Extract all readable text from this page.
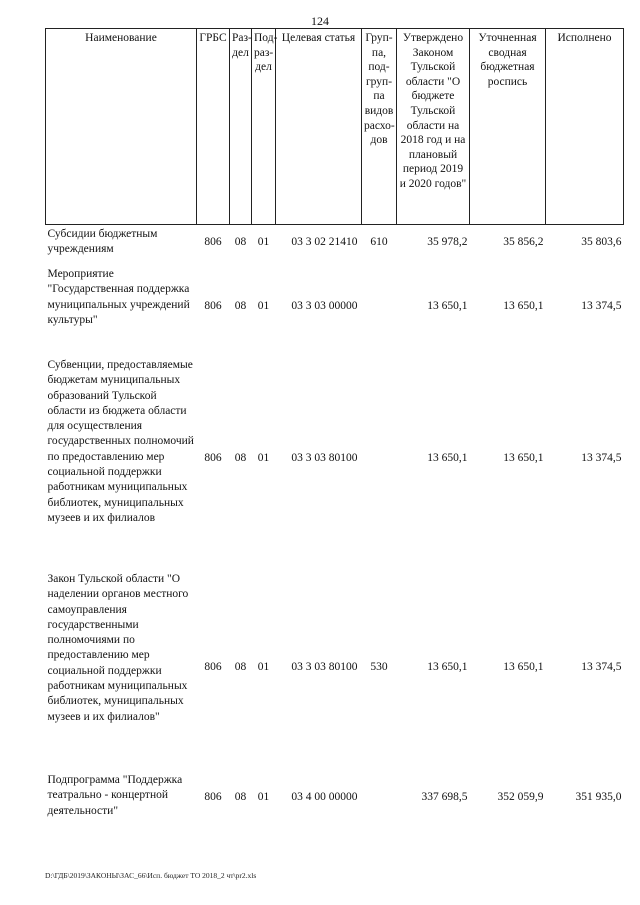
124
Наименование	ГРБС	Раз-дел	Под-раз-дел	Целевая статья	Груп-па, под-груп-па видов расхо-дов	Утверждено Законом Тульской области "О бюджете Тульской области на 2018 год и на плановый период 2019 и 2020 годов"	Уточненная сводная бюджетная роспись	Исполнено
Субсидии бюджетным учреждениям	806	08	01	03 3 02 21410	610	35 978,2	35 856,2	35 803,6
Мероприятие "Государственная поддержка муниципальных учреждений культуры"	806	08	01	03 3 03 00000		13 650,1	13 650,1	13 374,5
Субвенции, предоставляемые бюджетам муниципальных образований Тульской области из бюджета области для осуществления государственных полномочий по предоставлению мер социальной поддержки работникам муниципальных библиотек, муниципальных музеев и их филиалов	806	08	01	03 3 03 80100		13 650,1	13 650,1	13 374,5
Закон Тульской области "О наделении органов местного самоуправления государственными полномочиями по предоставлению мер социальной поддержки работникам муниципальных библиотек, муниципальных музеев и их филиалов"	806	08	01	03 3 03 80100	530	13 650,1	13 650,1	13 374,5
Подпрограмма "Поддержка театрально - концертной деятельности"	806	08	01	03 4 00 00000		337 698,5	352 059,9	351 935,0
D:\ГДБ\2019\ЗАКОНЫ\ЗАС_66\Исп. бюджет ТО 2018_2 чт\pr2.xls
